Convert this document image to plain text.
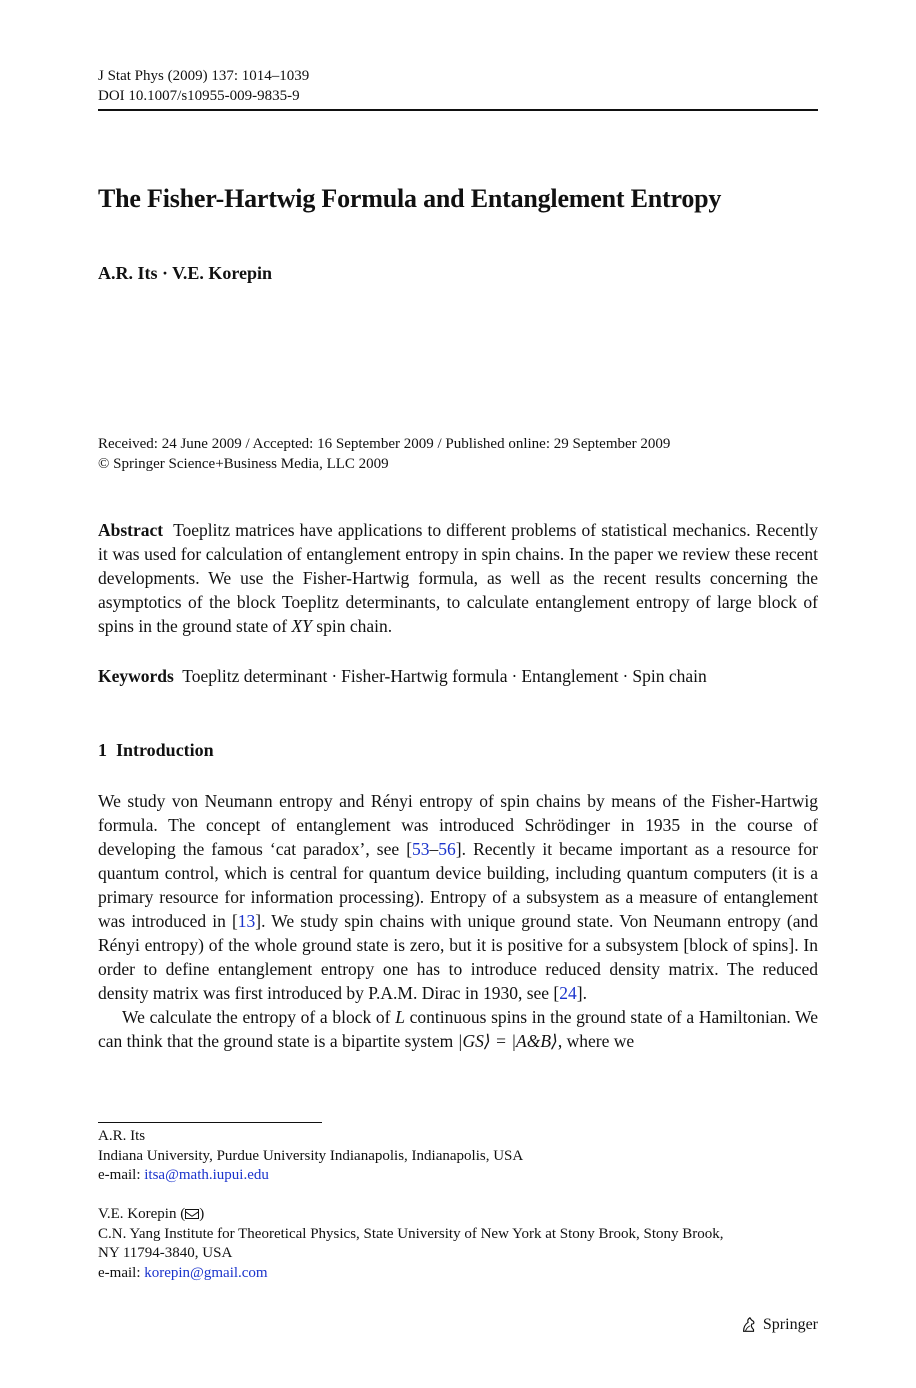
J Stat Phys (2009) 137: 1014–1039
DOI 10.1007/s10955-009-9835-9
The Fisher-Hartwig Formula and Entanglement Entropy
A.R. Its · V.E. Korepin
Received: 24 June 2009 / Accepted: 16 September 2009 / Published online: 29 September 2009
© Springer Science+Business Media, LLC 2009
Abstract Toeplitz matrices have applications to different problems of statistical mechanics. Recently it was used for calculation of entanglement entropy in spin chains. In the paper we review these recent developments. We use the Fisher-Hartwig formula, as well as the recent results concerning the asymptotics of the block Toeplitz determinants, to calculate entanglement entropy of large block of spins in the ground state of XY spin chain.
Keywords Toeplitz determinant · Fisher-Hartwig formula · Entanglement · Spin chain
1 Introduction
We study von Neumann entropy and Rényi entropy of spin chains by means of the Fisher-Hartwig formula. The concept of entanglement was introduced Schrödinger in 1935 in the course of developing the famous ‘cat paradox’, see [53–56]. Recently it became important as a resource for quantum control, which is central for quantum device building, including quantum computers (it is a primary resource for information processing). Entropy of a subsystem as a measure of entanglement was introduced in [13]. We study spin chains with unique ground state. Von Neumann entropy (and Rényi entropy) of the whole ground state is zero, but it is positive for a subsystem [block of spins]. In order to define entanglement entropy one has to introduce reduced density matrix. The reduced density matrix was first introduced by P.A.M. Dirac in 1930, see [24].
We calculate the entropy of a block of L continuous spins in the ground state of a Hamiltonian. We can think that the ground state is a bipartite system |GS⟩ = |A&B⟩, where we
A.R. Its
Indiana University, Purdue University Indianapolis, Indianapolis, USA
e-mail: itsa@math.iupui.edu
V.E. Korepin ( )
C.N. Yang Institute for Theoretical Physics, State University of New York at Stony Brook, Stony Brook,
NY 11794-3840, USA
e-mail: korepin@gmail.com
Springer
